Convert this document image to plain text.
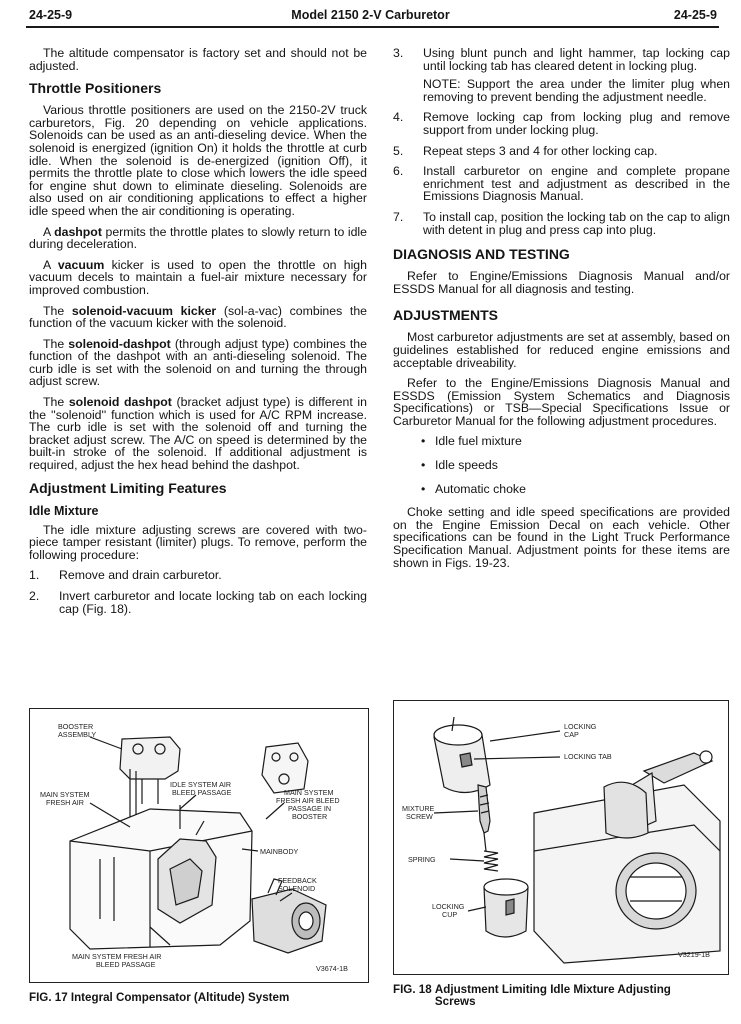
24-25-9	Model 2150 2-V Carburetor	24-25-9

The altitude compensator is factory set and should not be adjusted.

Throttle Positioners

Various throttle positioners are used on the 2150-2V truck carburetors, Fig. 20 depending on vehicle applications. Solenoids can be used as an anti-dieseling device. When the solenoid is energized (ignition On) it holds the throttle at curb idle. When the solenoid is de-energized (ignition Off), it permits the throttle plate to close which lowers the idle speed for engine shut down to eliminate dieseling. Solenoids are also used on air conditioning applications to effect a higher idle speed when the air conditioning is operating.

A dashpot permits the throttle plates to slowly return to idle during deceleration.

A vacuum kicker is used to open the throttle on high vacuum decels to maintain a fuel-air mixture necessary for improved combustion.

The solenoid-vacuum kicker (sol-a-vac) combines the function of the vacuum kicker with the solenoid.

The solenoid-dashpot (through adjust type) combines the function of the dashpot with an anti-dieseling solenoid. The curb idle is set with the solenoid on and turning the through adjust screw.

The solenoid dashpot (bracket adjust type) is different in the ''solenoid'' function which is used for A/C RPM increase. The curb idle is set with the solenoid off and turning the bracket adjust screw. The A/C on speed is determined by the built-in stroke of the solenoid. If additional adjustment is required, adjust the hex head behind the dashpot.

Adjustment Limiting Features
Idle Mixture

The idle mixture adjusting screws are covered with two-piece tamper resistant (limiter) plugs. To remove, perform the following procedure:

1. Remove and drain carburetor.
2. Invert carburetor and locate locking tab on each locking cap (Fig. 18).
3. Using blunt punch and light hammer, tap locking cap until locking tab has cleared detent in locking plug.
NOTE: Support the area under the limiter plug when removing to prevent bending the adjustment needle.
4. Remove locking cap from locking plug and remove support from under locking plug.
5. Repeat steps 3 and 4 for other locking cap.
6. Install carburetor on engine and complete propane enrichment test and adjustment as described in the Emissions Diagnosis Manual.
7. To install cap, position the locking tab on the cap to align with detent in plug and press cap into plug.
DIAGNOSIS AND TESTING

Refer to Engine/Emissions Diagnosis Manual and/or ESSDS Manual for all diagnosis and testing.

ADJUSTMENTS

Most carburetor adjustments are set at assembly, based on guidelines established for reduced engine emissions and acceptable driveability.

Refer to the Engine/Emissions Diagnosis Manual and ESSDS (Emission System Schematics and Diagnosis Specifications) or TSB—Special Specifications Issue or Carburetor Manual for the following adjustment procedures.

• Idle fuel mixture
• Idle speeds
• Automatic choke

Choke setting and idle speed specifications are provided on the Engine Emission Decal on each vehicle. Other specifications can be found in the Light Truck Performance Specification Manual. Adjustment points for these items are shown in Figs. 19-23.

BOOSTER
ASSEMBLY
MAIN SYSTEM
FRESH AIR
IDLE SYSTEM AIR
BLEED PASSAGE	MAIN SYSTEM
FRESH AIR BLEED
PASSAGE IN
BOOSTER
MAINBODY
FEEDBACK
SOLENOID
MAIN SYSTEM FRESH AIR
BLEED PASSAGE	V3674-1B
FIG. 17 Integral Compensator (Altitude) System
LOCKING
CAP
LOCKING TAB
MIXTURE
SCREW
SPRING
LOCKING
CUP
V3219-1B
FIG. 18 Adjustment Limiting Idle Mixture Adjusting Screws
